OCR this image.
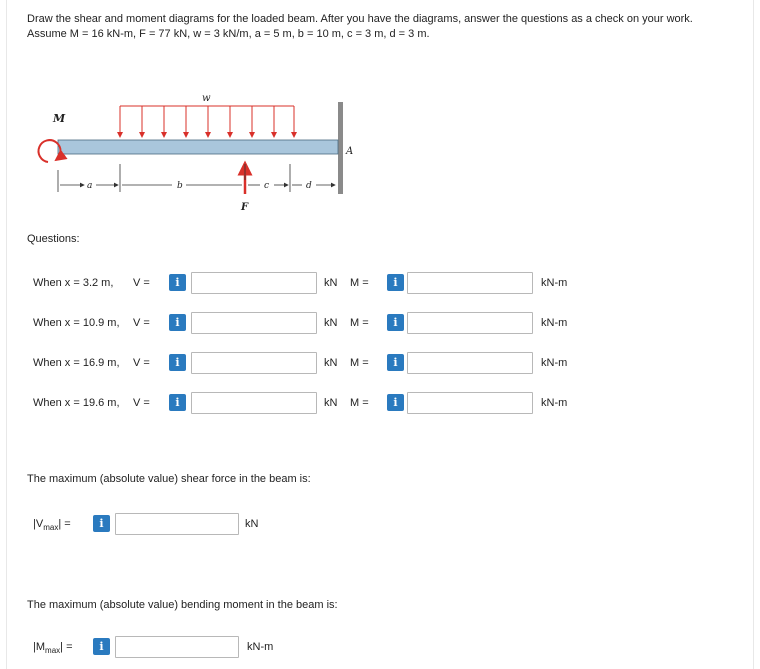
Draw the shear and moment diagrams for the loaded beam. After you have the diagrams, answer the questions as a check on your work.

Assume M = 16 kN-m, F = 77 kN, w = 3 kN/m, a = 5 m, b = 10 m, c = 3 m, d = 3 m.

w
M
F
A
a	b	c	d
Questions:
When x = 3.2 m, V =	i	kN M =	i	kN-m
When x = 10.9 m, V =	i	kN M =	i	kN-m
When x = 16.9 m, V =	i	kN M =	i	kN-m
When x = 19.6 m, V =	i	kN M =	i	kN-m
The maximum (absolute value) shear force in the beam is:
$|V_{max}|$ =	i	kN
The maximum (absolute value) bending moment in the beam is:
$|M_{max}|$ =	i	kN-m
